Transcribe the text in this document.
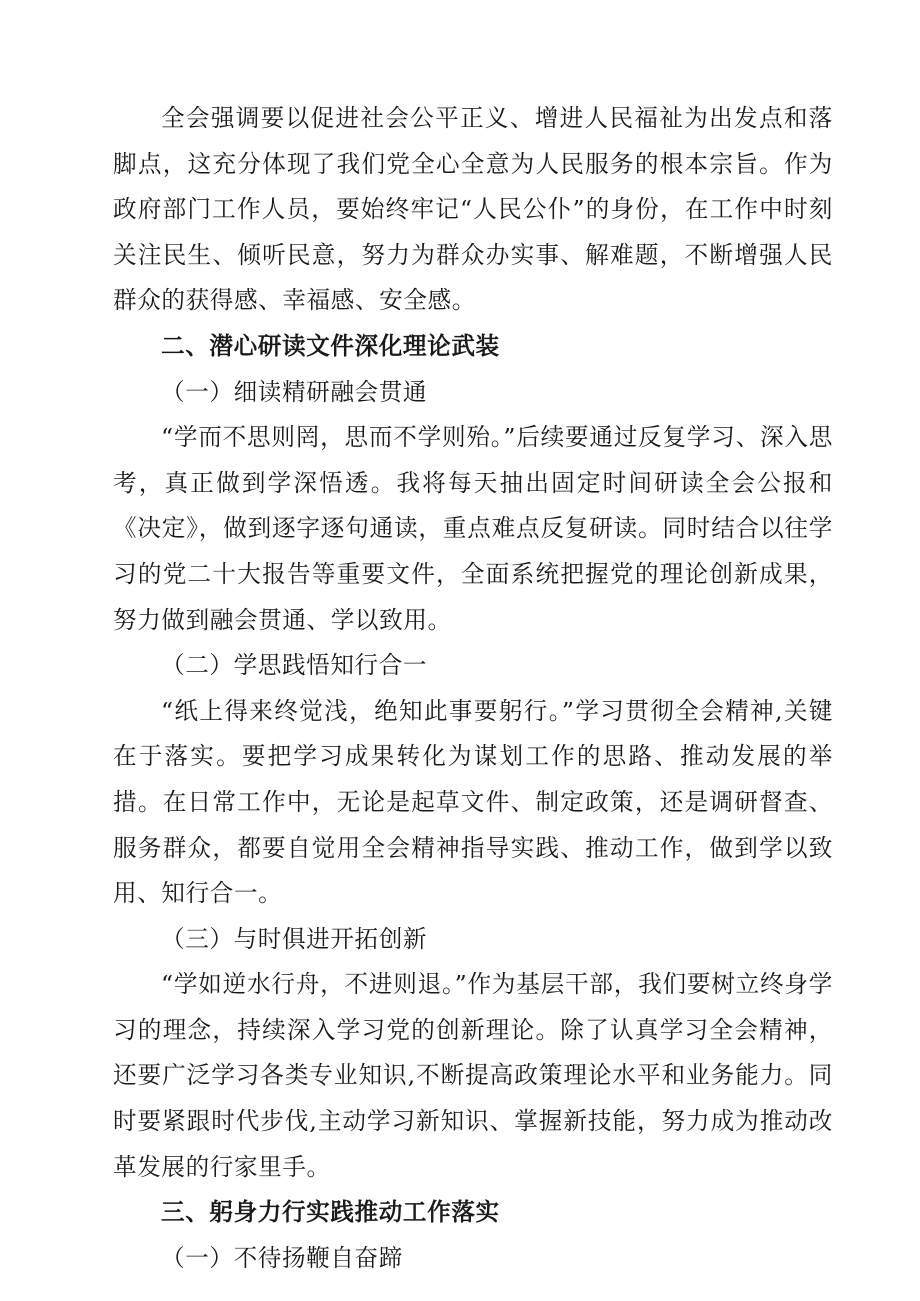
全会强调要以促进社会公平正义、增进人民福祉为出发点和落脚点，这充分体现了我们党全心全意为人民服务的根本宗旨。作为政府部门工作人员，要始终牢记“人民公仆”的身份，在工作中时刻关注民生、倾听民意，努力为群众办实事、解难题，不断增强人民群众的获得感、幸福感、安全感。

二、潜心研读文件深化理论武装

（一）细读精研融会贯通

“学而不思则罔，思而不学则殆。”后续要通过反复学习、深入思考，真正做到学深悟透。我将每天抽出固定时间研读全会公报和《决定》，做到逐字逐句通读，重点难点反复研读。同时结合以往学习的党二十大报告等重要文件，全面系统把握党的理论创新成果，努力做到融会贯通、学以致用。

（二）学思践悟知行合一

“纸上得来终觉浅，绝知此事要躬行。”学习贯彻全会精神,关键在于落实。要把学习成果转化为谋划工作的思路、推动发展的举措。在日常工作中，无论是起草文件、制定政策，还是调研督查、服务群众，都要自觉用全会精神指导实践、推动工作，做到学以致用、知行合一。

（三）与时俱进开拓创新

“学如逆水行舟，不进则退。”作为基层干部，我们要树立终身学习的理念，持续深入学习党的创新理论。除了认真学习全会精神，还要广泛学习各类专业知识,不断提高政策理论水平和业务能力。同时要紧跟时代步伐,主动学习新知识、掌握新技能，努力成为推动改革发展的行家里手。

三、躬身力行实践推动工作落实

（一）不待扬鞭自奋蹄
